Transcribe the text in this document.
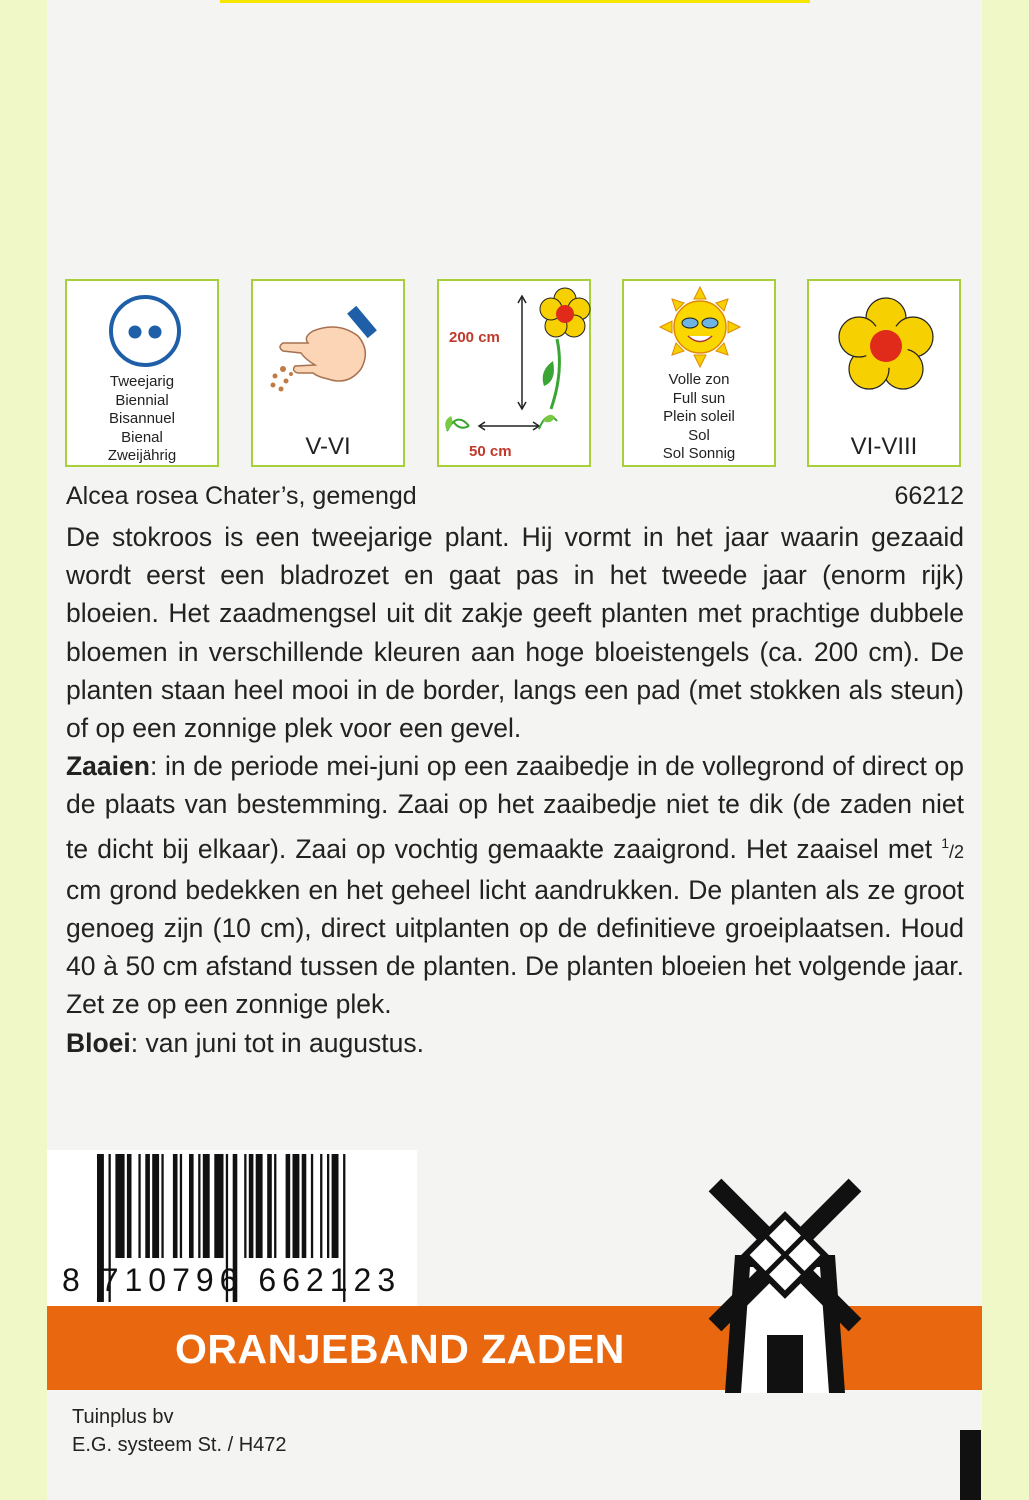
Tweejarig
Biennial
Bisannuel
Bienal
Zweijährig	V-VI
200 cm
50 cm
Volle zon
Full sun
Plein soleil
Sol
Sol Sonnig	VI-VIII
Alcea rosea Chater’s, gemengd	66212

De stokroos is een tweejarige plant. Hij vormt in het jaar waarin gezaaid wordt eerst een bladrozet en gaat pas in het tweede jaar (enorm rijk) bloeien. Het zaadmengsel uit dit zakje geeft planten met prachtige dubbele bloemen in verschillende kleuren aan hoge bloeistengels (ca. 200 cm). De planten staan heel mooi in de border, langs een pad (met stokken als steun) of op een zonnige plek voor een gevel.

Zaaien: in de periode mei-juni op een zaaibedje in de vollegrond of direct op de plaats van bestemming. Zaai op het zaaibedje niet te dik (de zaden niet te dicht bij elkaar). Zaai op vochtig gemaakte zaaigrond. Het zaaisel met $^1$/2 cm grond bedekken en het geheel licht aandrukken. De planten als ze groot genoeg zijn (10 cm), direct uitplanten op de definitieve groeiplaatsen. Houd 40 à 50 cm afstand tussen de planten. De planten bloeien het volgende jaar. Zet ze op een zonnige plek.

Bloei: van juni tot in augustus.

8 710796 662123
ORANJEBAND ZADEN
Tuinplus bv
E.G. systeem St. / H472
